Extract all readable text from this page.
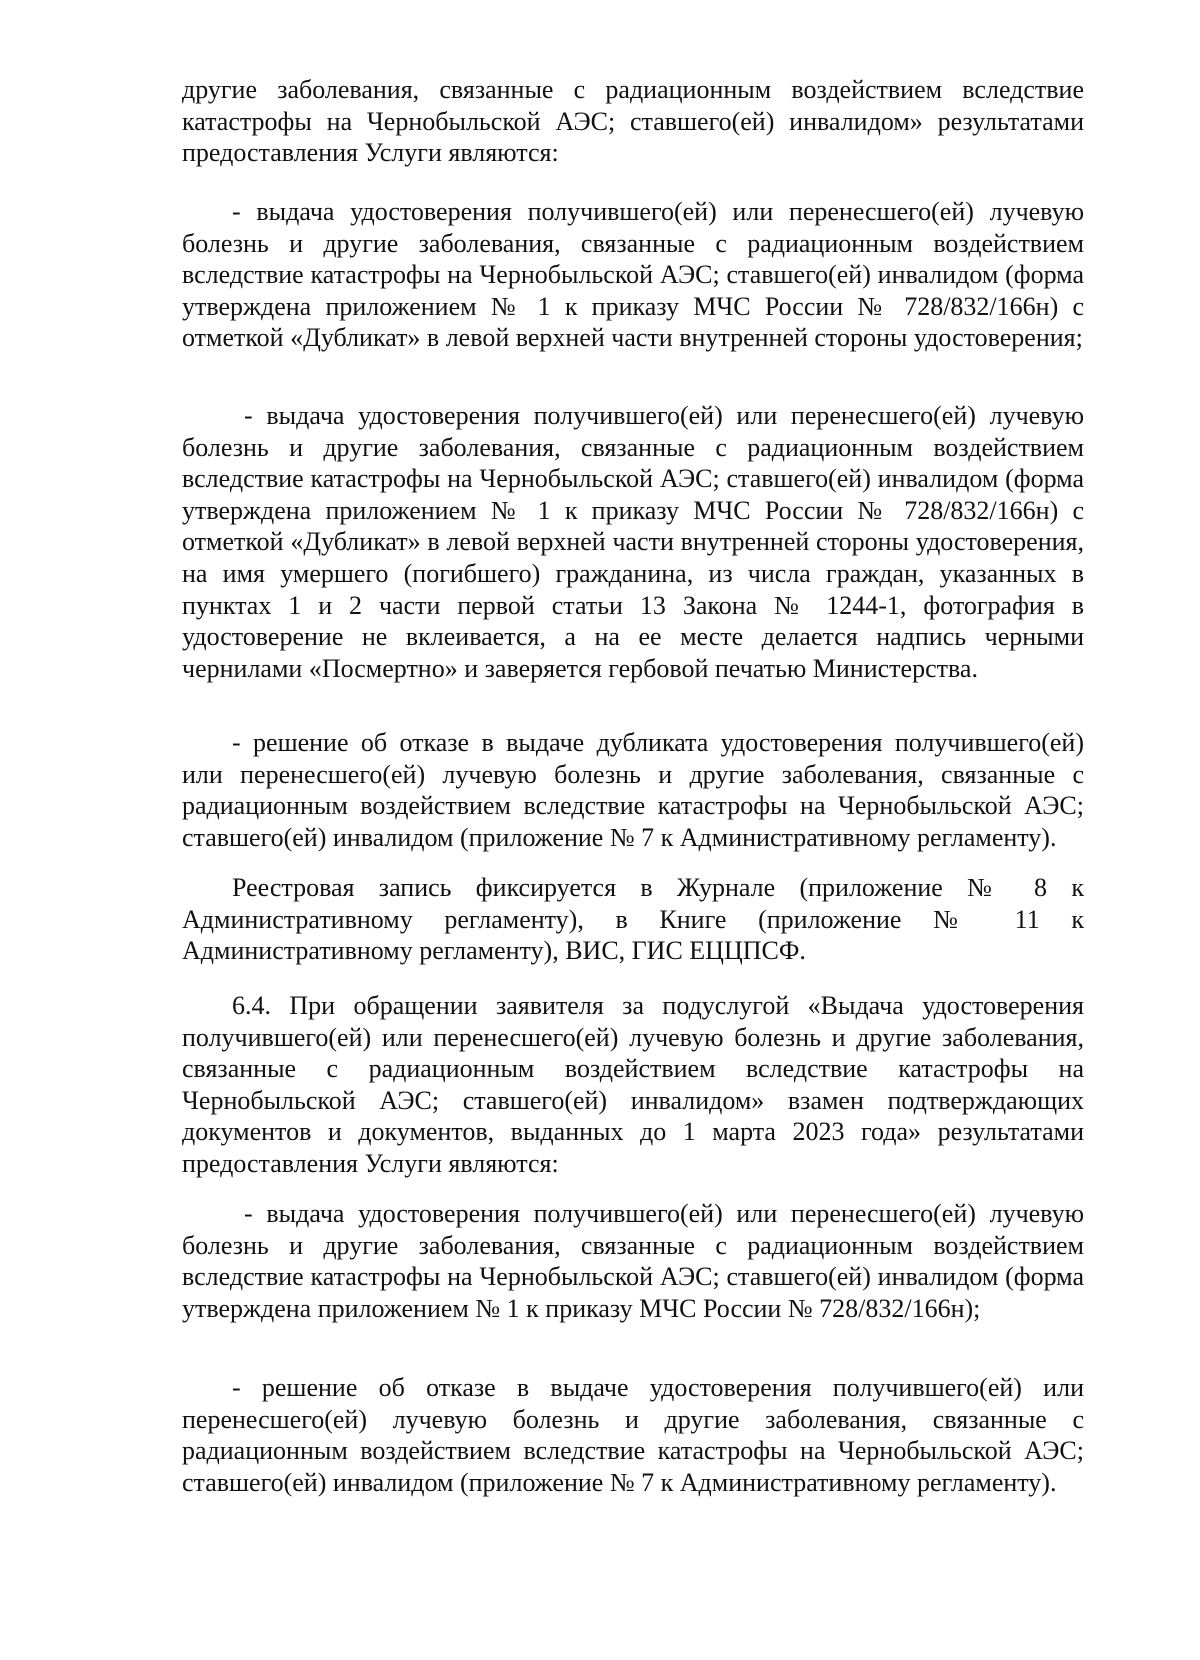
другие заболевания, связанные с радиационным воздействием вследствие катастрофы на Чернобыльской АЭС; ставшего(ей) инвалидом» результатами предоставления Услуги являются:

- выдача удостоверения получившего(ей) или перенесшего(ей) лучевую болезнь и другие заболевания, связанные с радиационным воздействием вследствие катастрофы на Чернобыльской АЭС; ставшего(ей) инвалидом (форма утверждена приложением № 1 к приказу МЧС России № 728/832/166н) с отметкой «Дубликат» в левой верхней части внутренней стороны удостоверения;

- выдача удостоверения получившего(ей) или перенесшего(ей) лучевую болезнь и другие заболевания, связанные с радиационным воздействием вследствие катастрофы на Чернобыльской АЭС; ставшего(ей) инвалидом (форма утверждена приложением № 1 к приказу МЧС России № 728/832/166н) с отметкой «Дубликат» в левой верхней части внутренней стороны удостоверения, на имя умершего (погибшего) гражданина, из числа граждан, указанных в пунктах 1 и 2 части первой статьи 13 Закона № 1244-1, фотография в удостоверение не вклеивается, а на ее месте делается надпись черными чернилами «Посмертно» и заверяется гербовой печатью Министерства.

- решение об отказе в выдаче дубликата удостоверения получившего(ей) или перенесшего(ей) лучевую болезнь и другие заболевания, связанные с радиационным воздействием вследствие катастрофы на Чернобыльской АЭС; ставшего(ей) инвалидом (приложение № 7 к Административному регламенту).

Реестровая запись фиксируется в Журнале (приложение № 8 к Административному регламенту), в Книге (приложение № 11 к Административному регламенту), ВИС, ГИС ЕЦЦПСФ.

6.4. При обращении заявителя за подуслугой «Выдача удостоверения получившего(ей) или перенесшего(ей) лучевую болезнь и другие заболевания, связанные с радиационным воздействием вследствие катастрофы на Чернобыльской АЭС; ставшего(ей) инвалидом» взамен подтверждающих документов и документов, выданных до 1 марта 2023 года» результатами предоставления Услуги являются:

- выдача удостоверения получившего(ей) или перенесшего(ей) лучевую болезнь и другие заболевания, связанные с радиационным воздействием вследствие катастрофы на Чернобыльской АЭС; ставшего(ей) инвалидом (форма утверждена приложением № 1 к приказу МЧС России № 728/832/166н);

- решение об отказе в выдаче удостоверения получившего(ей) или перенесшего(ей) лучевую болезнь и другие заболевания, связанные с радиационным воздействием вследствие катастрофы на Чернобыльской АЭС; ставшего(ей) инвалидом (приложение № 7 к Административному регламенту).
